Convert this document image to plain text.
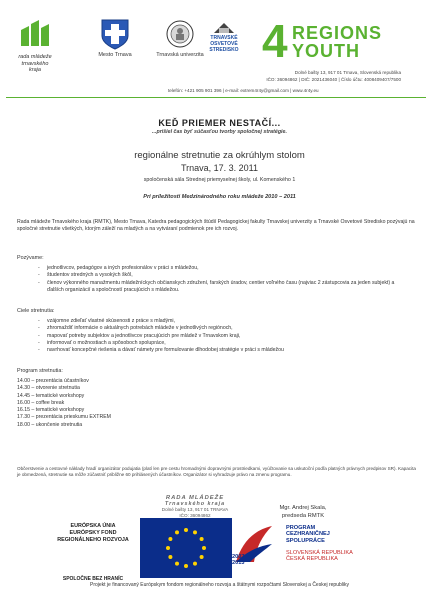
rada mládeže
trnavského
kraja
Mesto Trnava	Trnavská univerzita
TRNAVSKÉ
OSVETOVÉ
STREDISKO 4 REGIONS
YOUTH
Dolné bašty 13, 917 01 Trnava, Slovenská republika
IČO: 36094862 | DIČ: 2021436040 | Číslo účtu: 4008409407/7500
telefón: +421 905 901 396 | e-mail: extrem4r4y@gmail.com | www.4r4y.eu
KEĎ PRIEMER NESTAČÍ...
...prišiel čas byť súčasťou tvorby spoločnej stratégie.
regionálne stretnutie za okrúhlym stolom
Trnava, 17. 3. 2011
spoločenská sála Strednej priemyselnej školy, ul. Komenského 1
Pri príležitosti Medzinárodného roku mládeže 2010 – 2011
Rada mládeže Trnavského kraja (RMTK), Mesto Trnava, Katedra pedagogických štúdií Pedagogickej fakulty Trnavskej univerzity a Trnavské Osvetové Stredisko pozývajú na spoločné stretnutie všetkých, ktorým záleží na mladých a na vytváraní podmienok pre ich rozvoj.
Pozývame:
- jednotlivcov, pedagógov a iných profesionálov v práci s mládežou,
- študentov stredných a vysokých škôl,
- členov výkonného manažmentu mládežníckych občianskych združení, farských úradov, centier voľného času (najviac 2 zástupcovia za jeden subjekt) a ďalších organizácií a spoločností pracujúcich s mládežou.
Ciele stretnutia:
- vzájomne zdieľať vlastné skúsenosti z práce s mladými,
- zhromaždiť informácie o aktuálnych potrebách mládeže v jednotlivých regiónoch,
- mapovať potreby subjektov a jednotlivcov pracujúcich pre mládež v Trnavskom kraji,
- informovať o možnostiach a spôsoboch spolupráce,
- navrhovať koncepčné riešenia a dávať námety pre formulovanie dlhodobej stratégie v práci s mládežou
Program stretnutia:
14.00 – prezentácia účastníkov
14.30 – otvorenie stretnutia
14.45 – tematické workshopy
16.00 – coffee break
16.15 – tematické workshopy
17.30 – prezentácia prieskumu EXTREM
18.00 – ukončenie stretnutia
Občerstvenie a cestovné náklady hradí organizátor podujatia (platí len pre cestu hromadnými dopravnými prostriedkami, vyúčtovanie sa uskutoční podľa platných právnych predpisov SR). Kapacita je obmedzená, stretnutie sa môže zúčastniť približne 60 prihlásených účastníkov. Organizátor si vyhradzuje právo na zmenu programu.
RADA MLÁDEŽE
Trnavského kraja
Dolné bašty 13, 917 01 TRNAVA
IČO: 36094862
Mgr. Andrej Skala,
predseda RMTK
EURÓPSKA ÚNIA
EURÓPSKY FOND
REGIONÁLNEHO ROZVOJA
SPOLOČNE BEZ HRANÍC
PROGRAM
CEZHRANIČNEJ
SPOLUPRÁCE
2007
2013
SLOVENSKÁ REPUBLIKA
ČESKÁ REPUBLIKA
Projekt je financovaný Európskym fondom regionálneho rozvoja a štátnymi rozpočtami Slovenskej a Českej republiky
